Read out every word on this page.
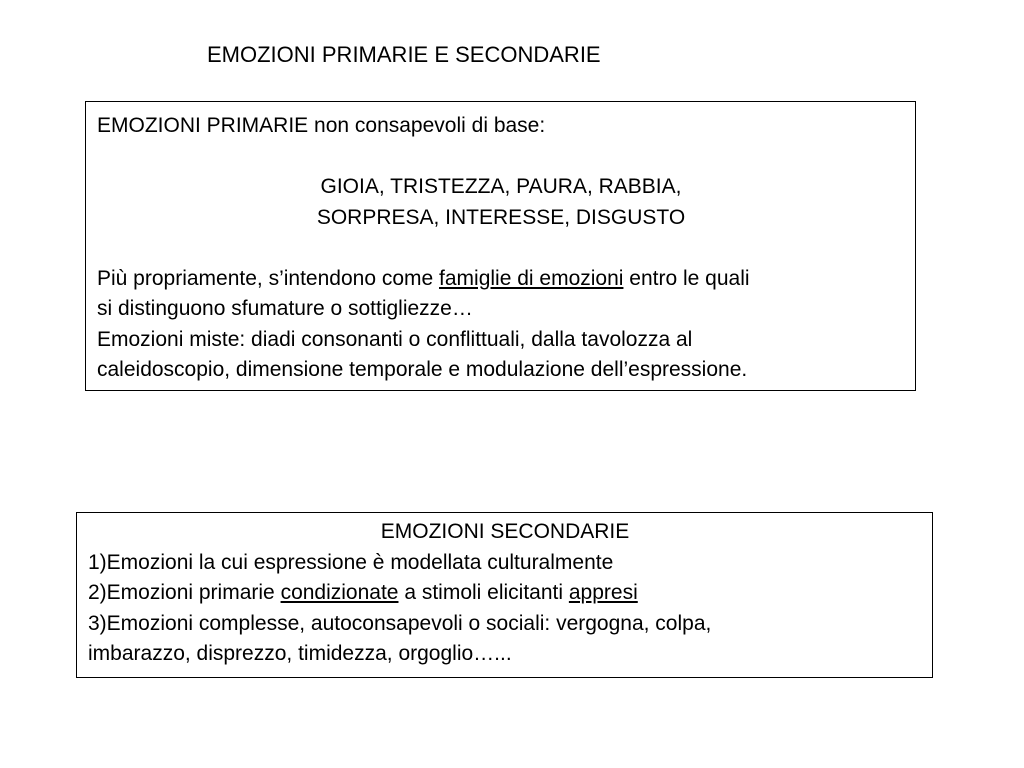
EMOZIONI PRIMARIE E SECONDARIE
EMOZIONI PRIMARIE non consapevoli di base:
GIOIA, TRISTEZZA, PAURA, RABBIA,
SORPRESA, INTERESSE, DISGUSTO
Più propriamente, s’intendono come famiglie di emozioni entro le quali
si distinguono sfumature o sottigliezze…
Emozioni miste: diadi consonanti o conflittuali, dalla tavolozza al
caleidoscopio, dimensione temporale e modulazione dell’espressione.
EMOZIONI SECONDARIE
1)Emozioni la cui espressione è modellata culturalmente
2)Emozioni primarie condizionate a stimoli elicitanti appresi
3)Emozioni complesse, autoconsapevoli o sociali: vergogna, colpa,
imbarazzo, disprezzo, timidezza, orgoglio…...
